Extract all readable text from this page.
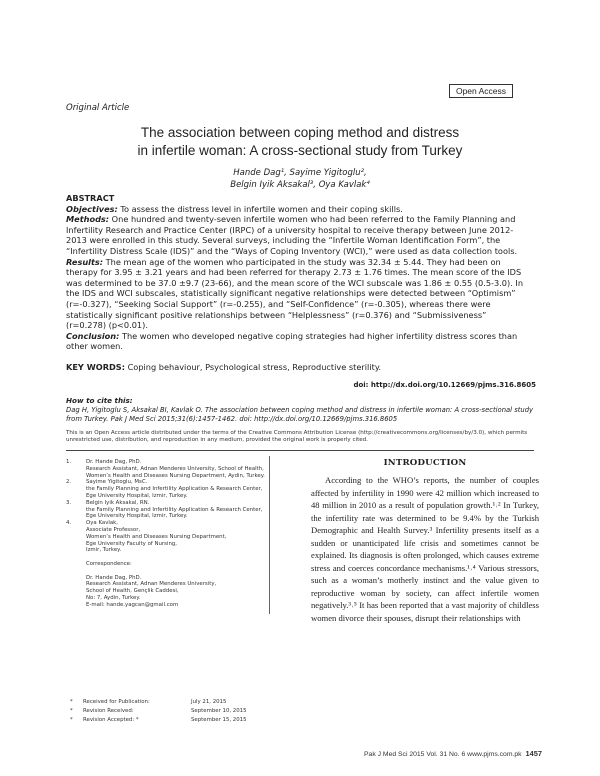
Open Access
Original Article
The association between coping method and distress
in infertile woman: A cross-sectional study from Turkey
Hande Dag¹, Sayime Yigitoglu²,
Belgin Iyik Aksakal³, Oya Kavlak⁴
ABSTRACT

Objectives: To assess the distress level in infertile women and their coping skills.

Methods: One hundred and twenty-seven infertile women who had been referred to the Family Planning and Infertility Research and Practice Center (IRPC) of a university hospital to receive therapy between June 2012-2013 were enrolled in this study. Several surveys, including the “Infertile Woman Identification Form”, the “Infertility Distress Scale (IDS)” and the “Ways of Coping Inventory (WCI),” were used as data collection tools.

Results: The mean age of the women who participated in the study was 32.34 ± 5.44. They had been on therapy for 3.95 ± 3.21 years and had been referred for therapy 2.73 ± 1.76 times. The mean score of the IDS was determined to be 37.0 ±9.7 (23-66), and the mean score of the WCI subscale was 1.86 ± 0.55 (0.5-3.0). In the IDS and WCI subscales, statistically significant negative relationships were detected between “Optimism” (r=-0.327), “Seeking Social Support” (r=-0.255), and “Self-Confidence” (r=-0.305), whereas there were statistically significant positive relationships between “Helplessness” (r=0.376) and “Submissiveness” (r=0.278) (p<0.01).

Conclusion: The women who developed negative coping strategies had higher infertility distress scores than other women.

KEY WORDS: Coping behaviour, Psychological stress, Reproductive sterility.
doi: http://dx.doi.org/10.12669/pjms.316.8605
How to cite this:
Dag H, Yigitoglu S, Aksakal BI, Kavlak O. The association between coping method and distress in infertile woman: A cross-sectional study from Turkey. Pak J Med Sci 2015;31(6):1457-1462. doi: http://dx.doi.org/10.12669/pjms.316.8605
This is an Open Access article distributed under the terms of the Creative Commons Attribution License (http://creativecommons.org/licenses/by/3.0), which permits unrestricted use, distribution, and reproduction in any medium, provided the original work is properly cited.
1.	Dr. Hande Dag, PhD.
Research Assistant, Adnan Menderes University, School of Health,
Women’s Health and Diseases Nursing Department, Aydin, Turkey.
2.	Sayime Yigitoglu, MsC.
the Family Planning and Infertility Application & Research Center,
Ege University Hospital, Izmir, Turkey.
3.	Belgin Iyik Aksakal, RN.
the Family Planning and Infertility Application & Research Center,
Ege University Hospital, Izmir, Turkey.
4.	Oya Kavlak,
Associate Professor,
Women’s Health and Diseases Nursing Department,
Ege University Faculty of Nursing,
Izmir, Turkey.
Correspondence:
Dr. Hande Dag, PhD.
Research Assistant, Adnan Menderes University,
School of Health, Gençlik Caddesi,
No: 7, Aydin, Turkey.
E-mail: hande.yagcan@gmail.com
*	Received for Publication:	July 21, 2015
*	Revision Received:	September 10, 2015
*	Revision Accepted: *	September 15, 2015
INTRODUCTION

According to the WHO’s reports, the number of couples affected by infertility in 1990 were 42 million which increased to 48 million in 2010 as a result of population growth.¹˒² In Turkey, the infertility rate was determined to be 9.4% by the Turkish Demographic and Health Survey.³ Infertility presents itself as a sudden or unanticipated life crisis and sometimes cannot be explained. Its diagnosis is often prolonged, which causes extreme stress and coerces concordance mechanisms.¹˒⁴ Various stressors, such as a woman’s motherly instinct and the value given to reproductive woman by society, can affect infertile women negatively.³˒⁵ It has been reported that a vast majority of childless women divorce their spouses, disrupt their relationships with

Pak J Med Sci 2015 Vol. 31 No. 6 www.pjms.com.pk 1457
